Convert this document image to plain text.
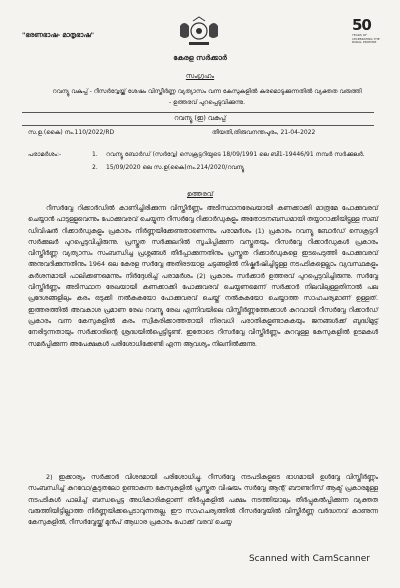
"ഭരണഭാഷ- മാതൃഭാഷ"
50
YEARS OF CELEBRATING THE RURAL PROMISE
കേരള സർക്കാർ
സംഗ്രഹം
റവന്യൂ വകുപ്പ് - റീസർവ്വേയ്ക്ക് ശേഷം വിസ്തീർണ്ണ വ്യത്യാസം വന്ന കേസുകളിൽ കരമൊടുക്കുന്നതിൽ വ്യക്തത വരുത്തി - ഉത്തരവ് പുറപ്പെടുവിക്കുന്നു.
റവന്യൂ (ഇ) വകുപ്പ്
സ.ഉ.(കൈ) നം.110/2022/RD	തീയതി,തിരുവനന്തപുരം, 21-04-2022
പരാമർശം:-	1. റവന്യൂ ബോർഡ് (സർവ്വേ) സെക്രട്ടറിയുടെ 18/09/1991 ലെ ബി1-19446/91 നമ്പർ സർക്കുലർ.
2. 15/09/2020 ലെ സ.ഉ(കൈ)നം.214/2020/റവന്യൂ
ഉത്തരവ്
റീസർവ്വേ റിക്കാർഡിൽ കാണിച്ചിരിക്കുന്ന വിസ്തീർണ്ണം അടിസ്ഥാനരേഖയായി കണക്കാക്കി മാത്രമേ പോക്കുവരവ് ചെയ്യാൻ പാടുള്ളുവെന്നും പോക്കുവരവ് ചെയ്യുന്ന റീസർവ്വേ റിക്കാർഡുകളും അതോടനബന്ധമായി തയ്യാറാക്കിയിട്ടുള്ള സബ് ഡിവിഷൻ റിക്കാർഡുകളും പ്രകാരം നിർണ്ണയിക്കേണ്ടതാണെന്നും പരാമർശം (1) പ്രകാരം റവന്യൂ ബോർഡ് സെക്രട്ടറി സർക്കുലർ പുറപ്പെടുവിച്ചിരുന്നു. പ്രസ്തുത സർക്കുലറിൽ സൂചിപ്പിക്കുന്ന വസ്തുതയും റീസർവ്വേ റിക്കാർഡുകൾ പ്രകാരം വിസ്തീർണ്ണ വ്യത്യാസം സംബന്ധിച്ച പ്രശ്നങ്ങൾ തീർപ്പാക്കുന്നതിനും പ്രസ്തുത റിക്കാർഡുകളെ ഇടപെടുത്തി പോക്കുവരവ് അനുവദിക്കുന്നതിനും 1964 ലെ കേരള സർവ്വേ അതിരടയാള ചട്ടങ്ങളിൽ നിഷ്കർഷിച്ചിട്ടുള്ള നടപടികളെല്ലാം വ്യവസ്ഥകളും കർശനമായി പാലിക്കണമെന്നും നിർദ്ദേശിച്ച് പരാമർശം (2) പ്രകാരം സർക്കാർ ഉത്തരവ് പുറപ്പെടുവിച്ചിരുന്നു. സർവ്വേ വിസ്തീർണ്ണം അടിസ്ഥാന രേഖയായി കണക്കാക്കി പോക്കുവരവ് ചെയ്യണമെന്ന് സർക്കാർ നിലവിലുള്ളതിനാൽ പല പ്രദേശങ്ങളിലും കരം ഒടുക്കി നൽകുകയോ പോക്കുവരവ് ചെയ്ത് നൽകുകയോ ചെയ്യാത്ത സാഹചര്യമാണ് ഉള്ളത്. ഇത്തരത്തിൽ അവകാശ പ്രമാണ രേഖ റവന്യൂ രേഖ എന്നിവയിലെ വിസ്തീർണ്ണത്തേക്കാൾ കുറവായി റീസർവ്വേ റിക്കാർഡ് പ്രകാരം വന്ന കേസുകളിൽ കരം സ്വീകരിക്കാത്തതായി നിരവധി പരാതികളുണ്ടാകുകയും ജനങ്ങൾക്ക് ബുദ്ധിമുട്ട് നേരിടുന്നതായും സർക്കാരിന്റെ ശ്രദ്ധയിൽപ്പെട്ടിട്ടുണ്ട്. ഇതോടെ റീസർവ്വേ വിസ്തീർണ്ണം കുറവുള്ള കേസുകളിൽ ഉടമകൾ സമർപ്പിക്കുന്ന അപേക്ഷകൾ പരിശോധിക്കേണ്ടി എന്ന ആവശ്യം നിലനിൽക്കുന്നു.
2) ഇക്കാര്യം സർക്കാർ വിശദമായി പരിശോധിച്ചു. റീസർവ്വേ നടപടികളുടെ ഭാഗമായി ഉൾവ്വേ വിസ്തീർണ്ണം സംബന്ധിച്ച് കുറവോ/കൂടുതലോ ഉണ്ടാകുന്ന കേസുകളിൽ പ്രസ്തുത വിഷയം സർവ്വേ ആന്റ് ബൗണ്ടറീസ് ആക്ട് പ്രകാരമുള്ള നടപടികൾ പാലിച്ച് ബന്ധപ്പെട്ട അധികാരികളാണ് തീർപ്പുകളിൽ പക്ഷം നടത്തിയാലും തീർപ്പുകൽപ്പിക്കുന്ന വ്യക്തത വരുത്തിയിട്ടില്ലാത്ത നിർണ്ണയിക്കപ്പെടാവുന്നതല്ല. ഈ സാഹചര്യത്തിൽ റീസർവ്വേയിൽ വിസ്തീർണ്ണ വർദ്ധനവ് കാണുന്ന കേസുകളിൽ, റീസർവ്വേയ്ക്ക് മുൻപ് ആധാര പ്രകാരം പോക്ക് വരവ് ചെയ്യ
Scanned with CamScanner
